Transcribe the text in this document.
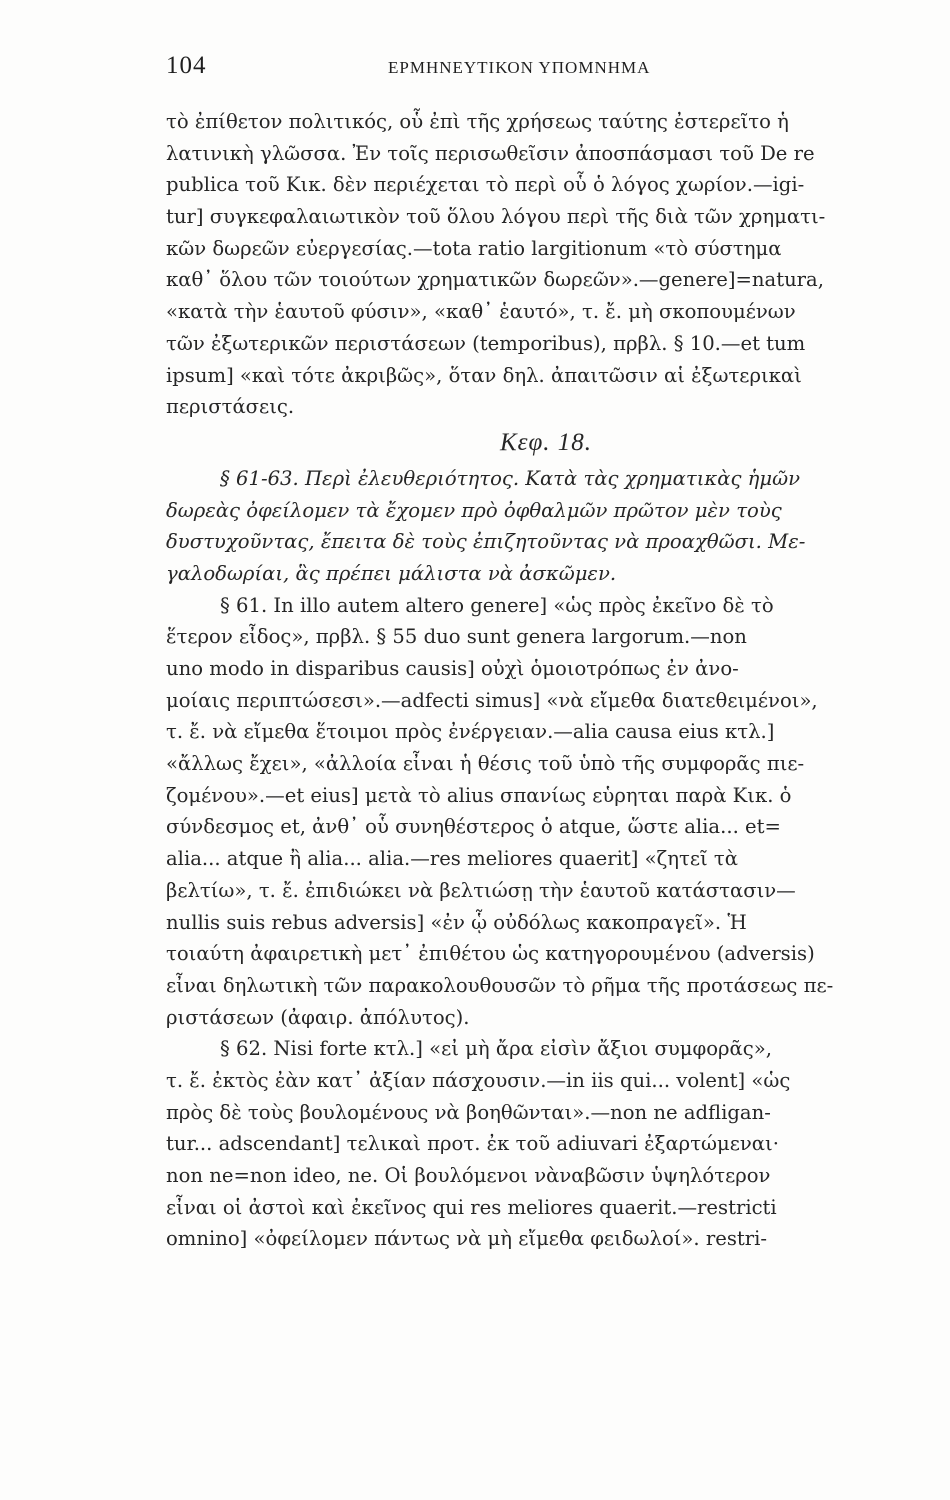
104	ΕΡΜΗΝΕΥΤΙΚΟΝ ΥΠΟΜΝΗΜΑ
τὸ ἐπίθετον πολιτικός, οὗ ἐπὶ τῆς χρήσεως ταύτης ἐστερεῖτο ἡ
λατινικὴ γλῶσσα. Ἐν τοῖς περισωθεῖσιν ἀποσπάσμασι τοῦ De re
publica τοῦ Κικ. δὲν περιέχεται τὸ περὶ οὗ ὁ λόγος χωρίον.—igi-
tur] συγκεφαλαιωτικὸν τοῦ ὅλου λόγου περὶ τῆς διὰ τῶν χρηματι-
κῶν δωρεῶν εὐεργεσίας.—tota ratio largitionum «τὸ σύστημα
καθ᾽ ὅλου τῶν τοιούτων χρηματικῶν δωρεῶν».—genere]=natura,
«κατὰ τὴν ἑαυτοῦ φύσιν», «καθ᾽ ἑαυτό», τ. ἔ. μὴ σκοπουμένων
τῶν ἐξωτερικῶν περιστάσεων (temporibus), πρβλ. § 10.—et tum
ipsum] «καὶ τότε ἀκριβῶς», ὅταν δηλ. ἀπαιτῶσιν αἱ ἐξωτερικαὶ
περιστάσεις.
Κεφ. 18.
§ 61-63. Περὶ ἐλευθεριότητος. Κατὰ τὰς χρηματικὰς ἡμῶν
δωρεὰς ὀφείλομεν τὰ ἔχομεν πρὸ ὀφθαλμῶν πρῶτον μὲν τοὺς
δυστυχοῦντας, ἔπειτα δὲ τοὺς ἐπιζητοῦντας νὰ προαχθῶσι. Με-
γαλοδωρίαι, ἃς πρέπει μάλιστα νὰ ἀσκῶμεν.
§ 61. In illo autem altero genere] «ὡς πρὸς ἐκεῖνο δὲ τὸ
ἕτερον εἶδος», πρβλ. § 55 duo sunt genera largorum.—non
uno modo in disparibus causis] οὐχὶ ὁμοιοτρόπως ἐν ἀνο-
μοίαις περιπτώσεσι».—adfecti simus] «νὰ εἴμεθα διατεθειμένοι»,
τ. ἔ. νὰ εἴμεθα ἕτοιμοι πρὸς ἐνέργειαν.—alia causa eius κτλ.]
«ἄλλως ἔχει», «ἀλλοία εἶναι ἡ θέσις τοῦ ὑπὸ τῆς συμφορᾶς πιε-
ζομένου».—et eius] μετὰ τὸ alius σπανίως εὑρηται παρὰ Κικ. ὁ
σύνδεσμος et, ἀνθ᾽ οὗ συνηθέστερος ὁ atque, ὥστε alia... et=
alia... atque ἢ alia... alia.—res meliores quaerit] «ζητεῖ τὰ
βελτίω», τ. ἔ. ἐπιδιώκει νὰ βελτιώσῃ τὴν ἑαυτοῦ κατάστασιν—
nullis suis rebus adversis] «ἐν ᾧ οὐδόλως κακοπραγεῖ». Ἡ
τοιαύτη ἀφαιρετικὴ μετ᾽ ἐπιθέτου ὡς κατηγορουμένου (adversis)
εἶναι δηλωτικὴ τῶν παρακολουθουσῶν τὸ ρῆμα τῆς προτάσεως πε-
ριστάσεων (ἀφαιρ. ἀπόλυτος).
§ 62. Nisi forte κτλ.] «εἰ μὴ ἄρα εἰσὶν ἄξιοι συμφορᾶς»,
τ. ἔ. ἐκτὸς ἐὰν κατ᾽ ἀξίαν πάσχουσιν.—in iis qui... volent] «ὡς
πρὸς δὲ τοὺς βουλομένους νὰ βοηθῶνται».—non ne adfligan-
tur... adscendant] τελικαὶ προτ. ἐκ τοῦ adiuvari ἐξαρτώμεναι·
non ne=non ideo, ne. Οἱ βουλόμενοι νὰναβῶσιν ὑψηλότερον
εἶναι οἱ ἀστοὶ καὶ ἐκεῖνος qui res meliores quaerit.—restricti
omnino] «ὀφείλομεν πάντως νὰ μὴ εἴμεθα φειδωλοί». restri-
